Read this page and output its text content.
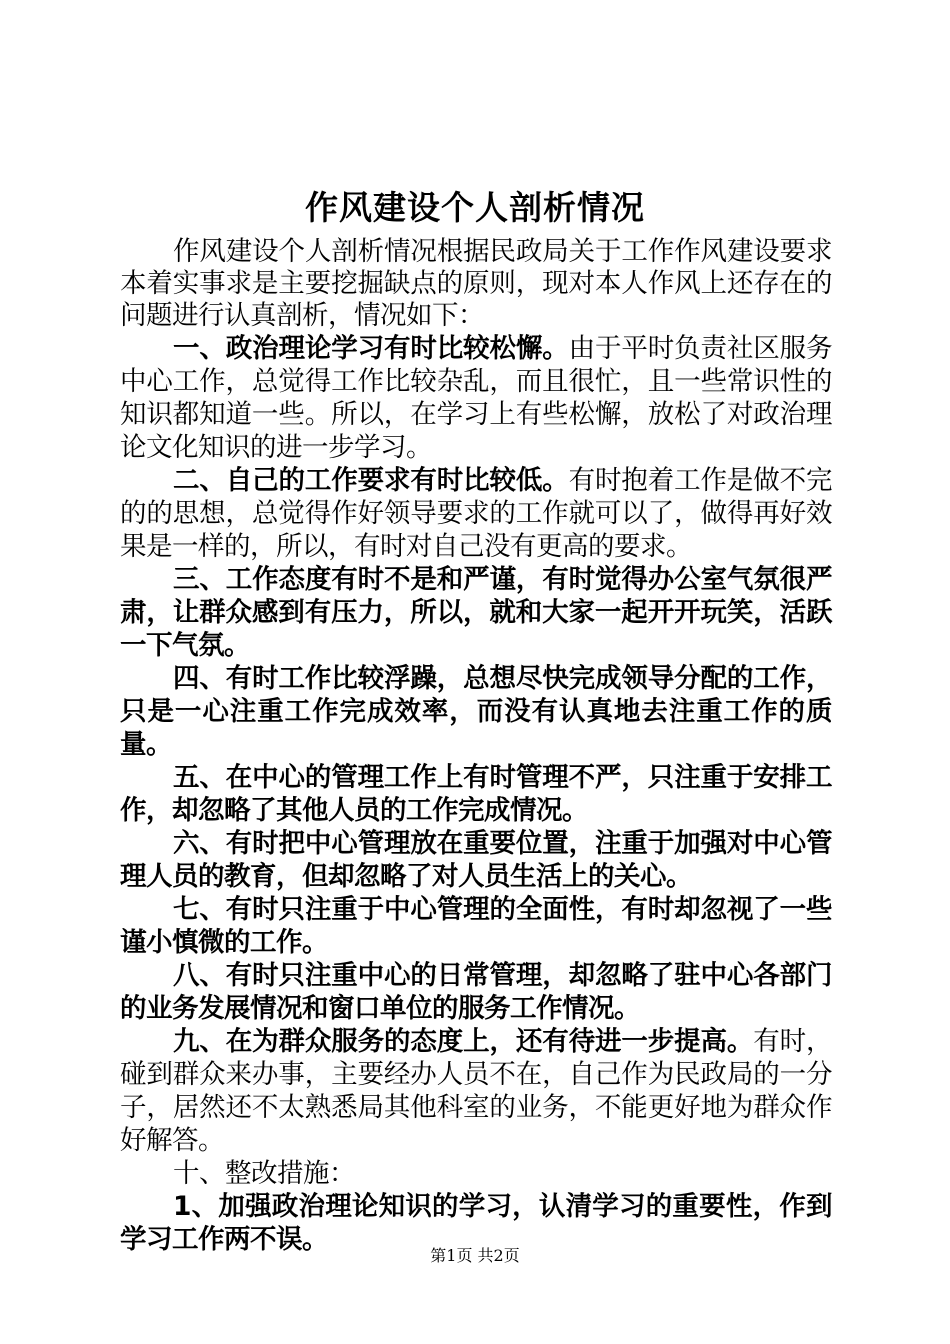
作风建设个人剖析情况

作风建设个人剖析情况根据民政局关于工作作风建设要求本着实事求是主要挖掘缺点的原则，现对本人作风上还存在的问题进行认真剖析，情况如下：

一、政治理论学习有时比较松懈。由于平时负责社区服务中心工作，总觉得工作比较杂乱，而且很忙，且一些常识性的知识都知道一些。所以，在学习上有些松懈，放松了对政治理论文化知识的进一步学习。

二、自己的工作要求有时比较低。有时抱着工作是做不完的的思想，总觉得作好领导要求的工作就可以了，做得再好效果是一样的，所以，有时对自己没有更高的要求。

三、工作态度有时不是和严谨，有时觉得办公室气氛很严肃，让群众感到有压力，所以，就和大家一起开开玩笑，活跃一下气氛。

四、有时工作比较浮躁，总想尽快完成领导分配的工作，只是一心注重工作完成效率，而没有认真地去注重工作的质量。

五、在中心的管理工作上有时管理不严，只注重于安排工作，却忽略了其他人员的工作完成情况。

六、有时把中心管理放在重要位置，注重于加强对中心管理人员的教育，但却忽略了对人员生活上的关心。

七、有时只注重于中心管理的全面性，有时却忽视了一些谨小慎微的工作。

八、有时只注重中心的日常管理，却忽略了驻中心各部门的业务发展情况和窗口单位的服务工作情况。

九、在为群众服务的态度上，还有待进一步提高。有时，碰到群众来办事，主要经办人员不在，自己作为民政局的一分子，居然还不太熟悉局其他科室的业务，不能更好地为群众作好解答。

十、整改措施：

1、加强政治理论知识的学习，认清学习的重要性，作到学习工作两不误。

第1页 共2页
